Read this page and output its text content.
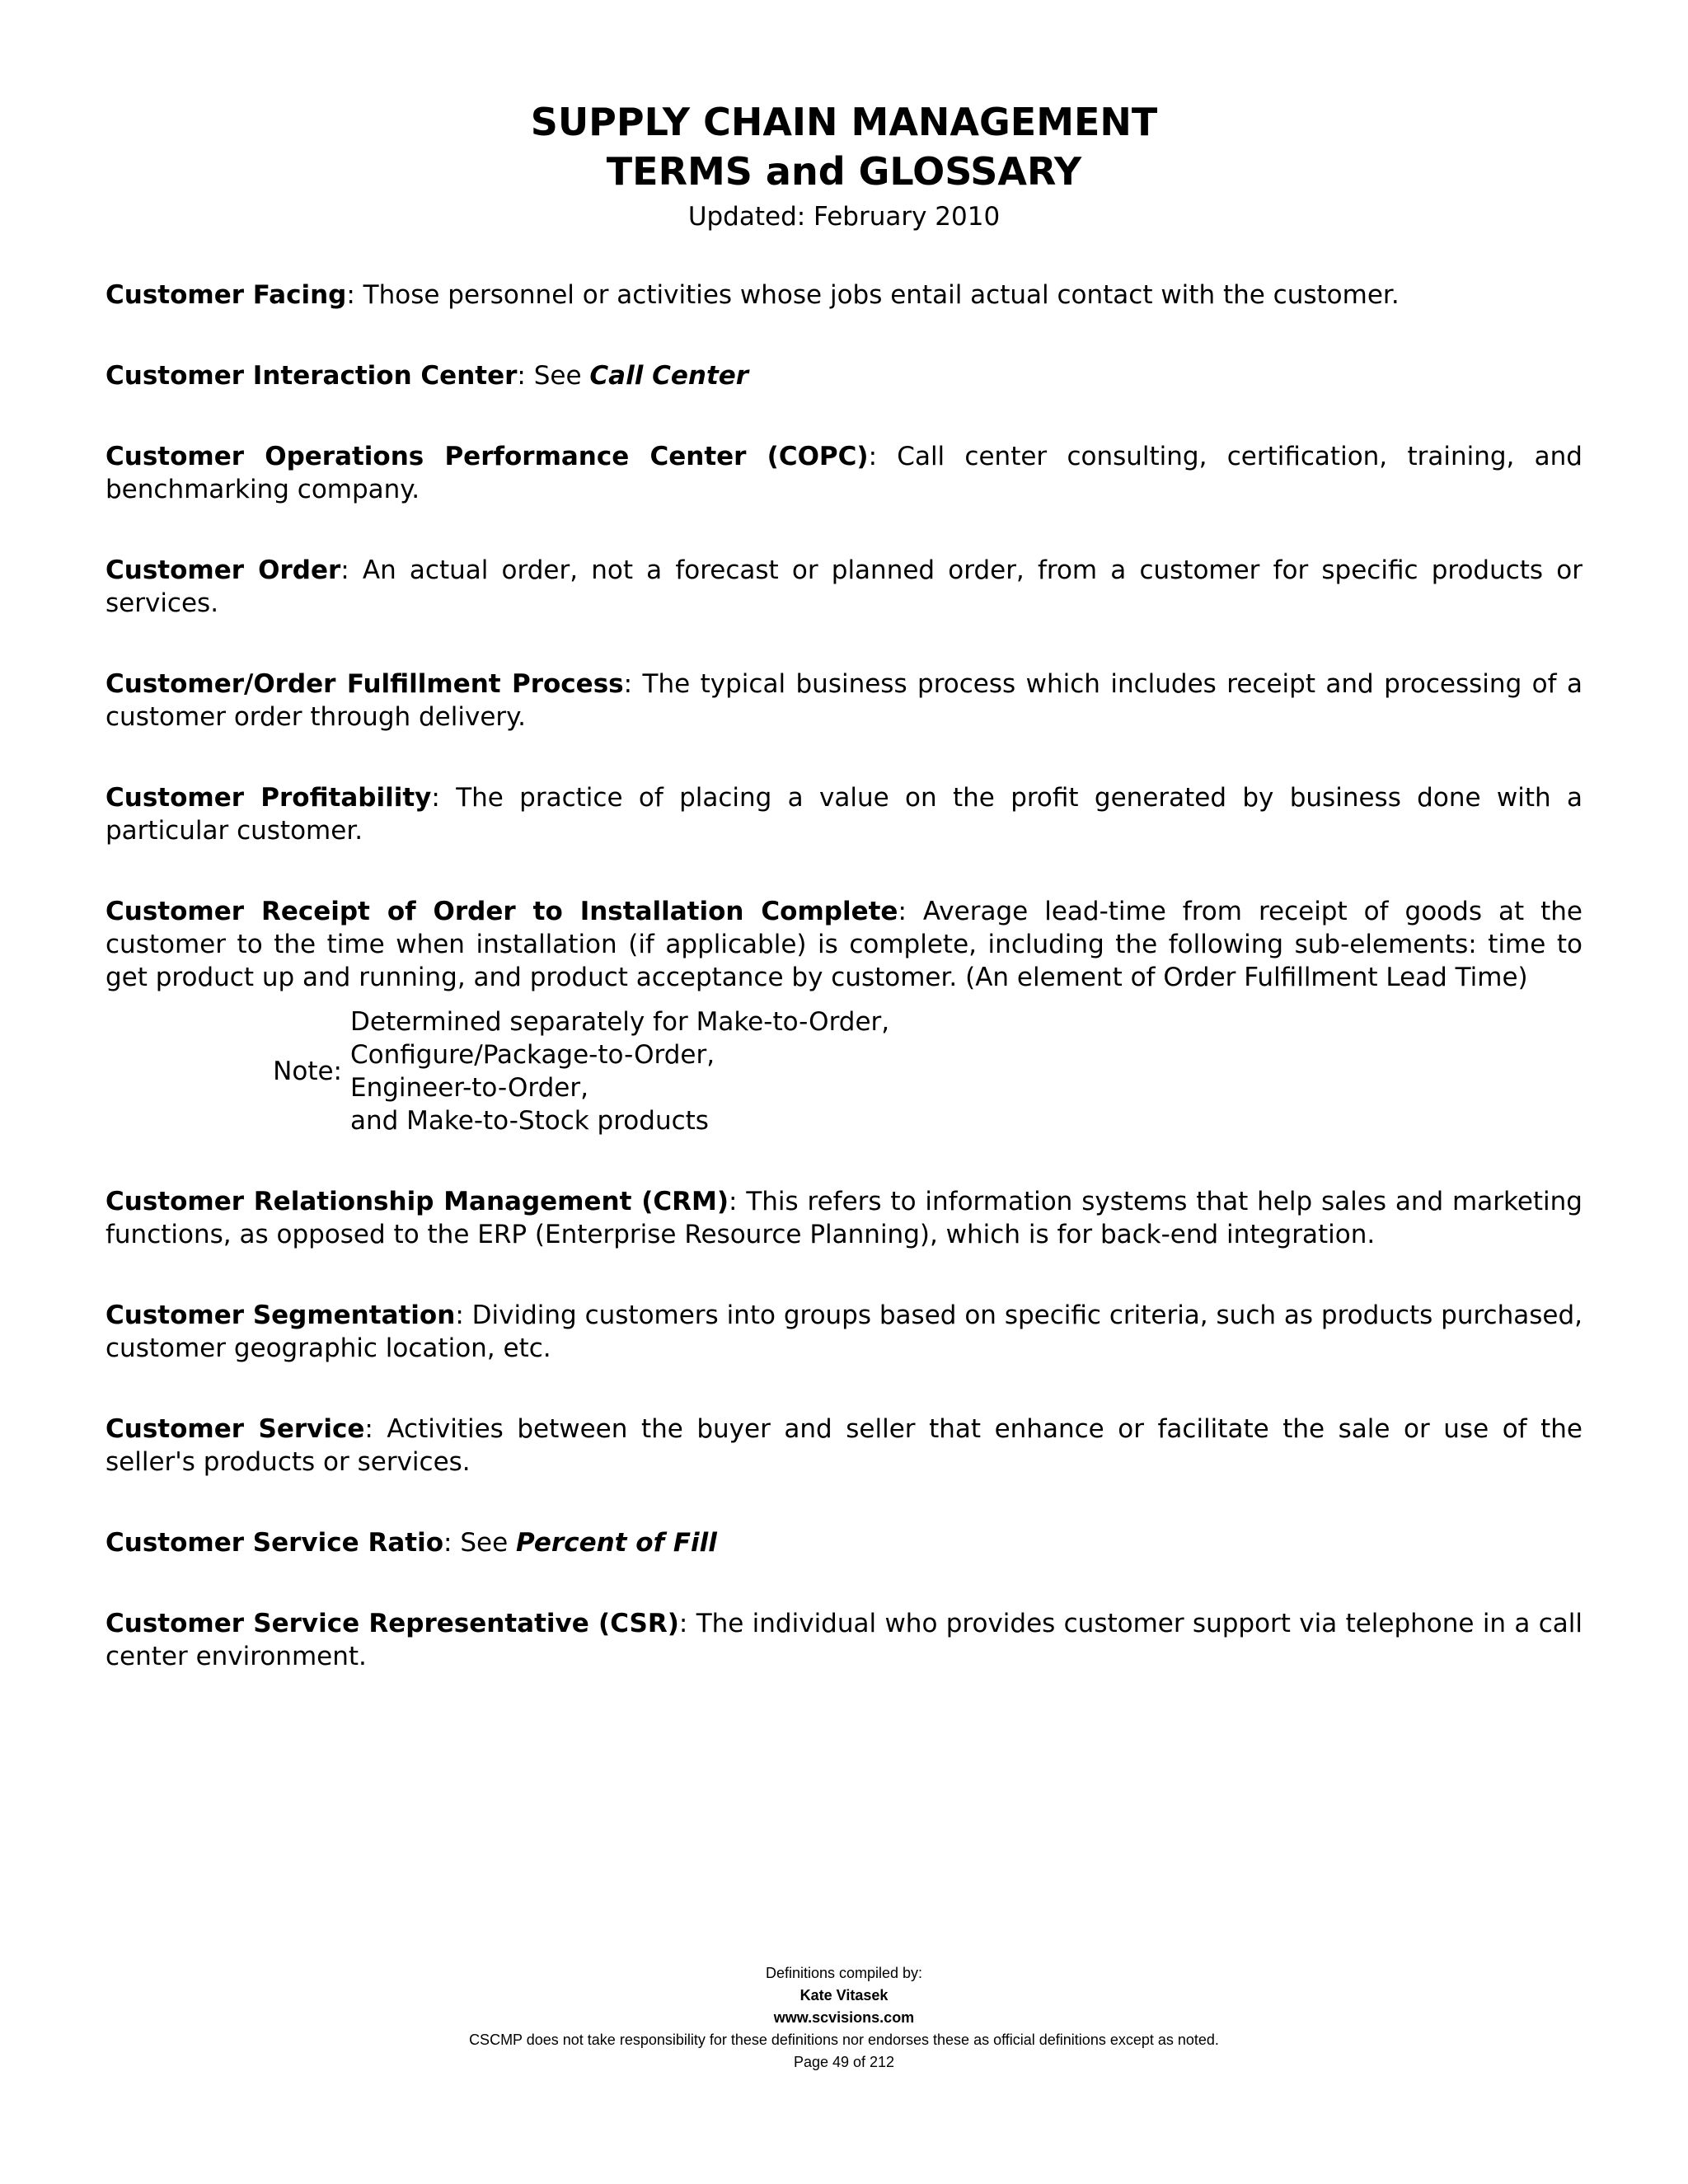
SUPPLY CHAIN MANAGEMENT
TERMS and GLOSSARY
Updated: February 2010

Customer Facing: Those personnel or activities whose jobs entail actual contact with the customer.

Customer Interaction Center: See Call Center

Customer Operations Performance Center (COPC): Call center consulting, certification, training, and benchmarking company.

Customer Order: An actual order, not a forecast or planned order, from a customer for specific products or services.

Customer/Order Fulfillment Process: The typical business process which includes receipt and processing of a customer order through delivery.

Customer Profitability: The practice of placing a value on the profit generated by business done with a particular customer.

Customer Receipt of Order to Installation Complete: Average lead-time from receipt of goods at the customer to the time when installation (if applicable) is complete, including the following sub-elements: time to get product up and running, and product acceptance by customer. (An element of Order Fulfillment Lead Time)

Note:
Determined separately for Make-to-Order,
Configure/Package-to-Order,
Engineer-to-Order,
and Make-to-Stock products

Customer Relationship Management (CRM): This refers to information systems that help sales and marketing functions, as opposed to the ERP (Enterprise Resource Planning), which is for back-end integration.

Customer Segmentation: Dividing customers into groups based on specific criteria, such as products purchased, customer geographic location, etc.

Customer Service: Activities between the buyer and seller that enhance or facilitate the sale or use of the seller's products or services.

Customer Service Ratio: See Percent of Fill

Customer Service Representative (CSR): The individual who provides customer support via telephone in a call center environment.

Definitions compiled by:
Kate Vitasek
www.scvisions.com
CSCMP does not take responsibility for these definitions nor endorses these as official definitions except as noted.
Page 49 of 212
